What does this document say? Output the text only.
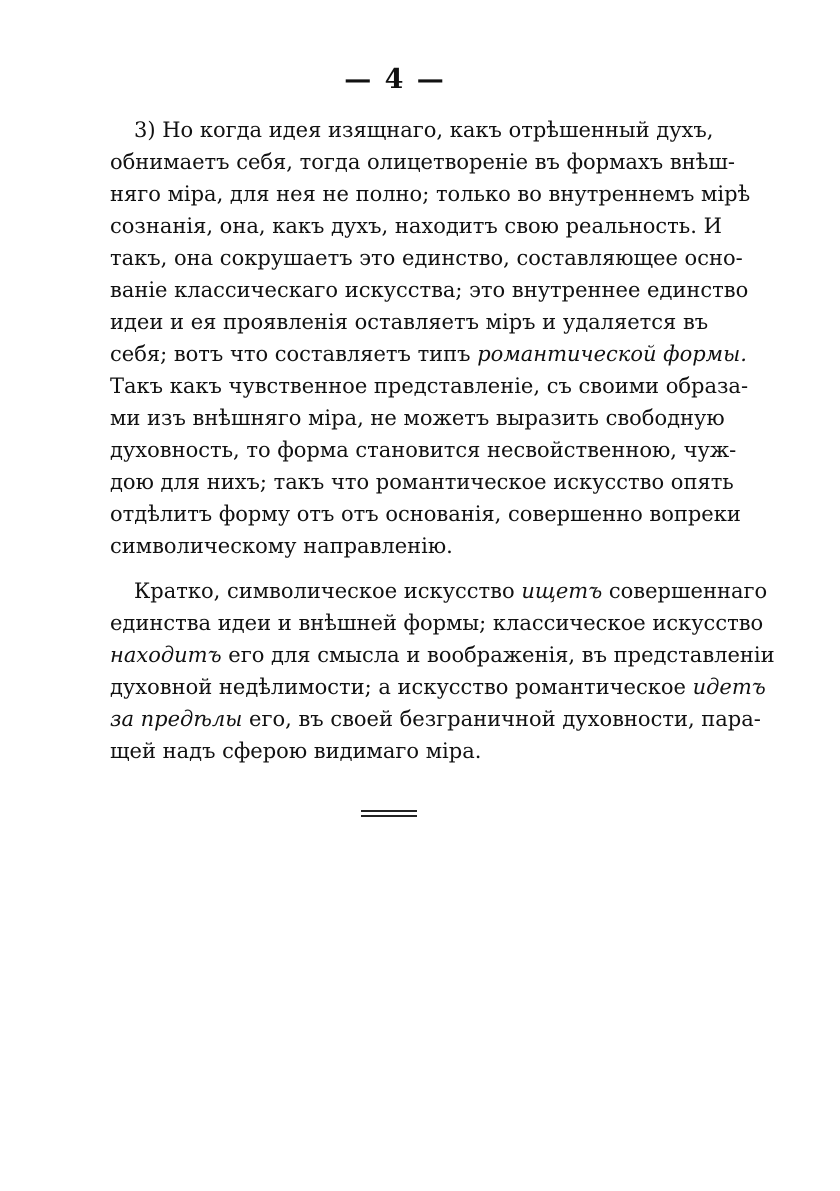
— 4 —
3) Но когда идея изящнаго, какъ отрѣшенный духъ,
обнимаетъ себя, тогда олицетвореніе въ формахъ внѣш-
няго міра, для нея не полно; только во внутреннемъ мірѣ
сознанія, она, какъ духъ, находитъ свою реальность. И
такъ, она сокрушаетъ это единство, составляющее осно-
ваніе классическаго искусства; это внутреннее единство
идеи и ея проявленія оставляетъ міръ и удаляется въ
себя; вотъ что составляетъ типъ романтической формы.
Такъ какъ чувственное представленіе, съ своими образа-
ми изъ внѣшняго міра, не можетъ выразить свободную
духовность, то форма становится несвойственною, чуж-
дою для нихъ; такъ что романтическое искусство опять
отдѣлитъ форму отъ отъ основанія, совершенно вопреки
символическому направленію.
Кратко, символическое искусство ищетъ совершеннаго
единства идеи и внѣшней формы; классическое искусство
находитъ его для смысла и воображенія, въ представленіи
духовной недѣлимости; а искусство романтическое идетъ
за предѣлы его, въ своей безграничной духовности, пара-
щей надъ сферою видимаго міра.
